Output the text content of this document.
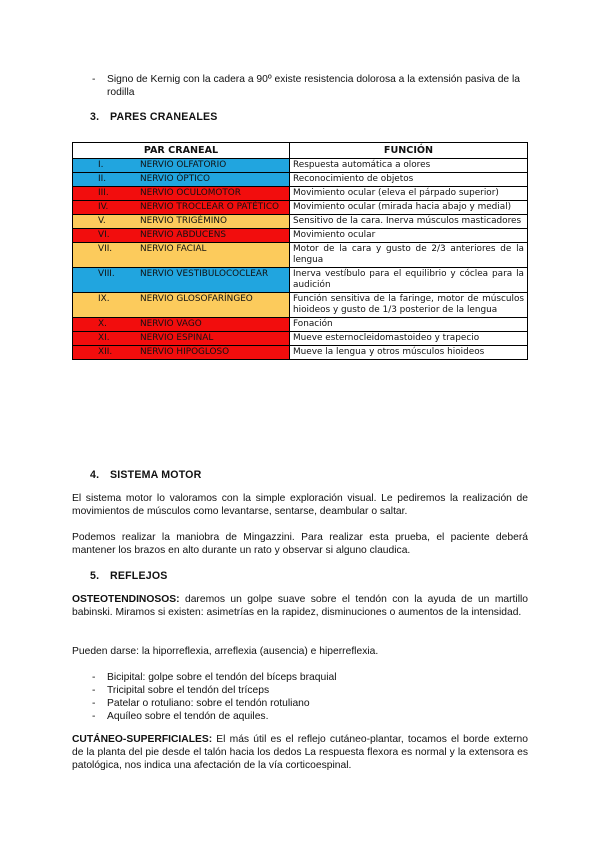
-	Signo de Kernig con la cadera a 90º existe resistencia dolorosa a la extensión pasiva de la rodilla
3. PARES CRANEALES
PAR CRANEAL	FUNCIÓN

I. NERVIO OLFATORIO	Respuesta automática a olores

II. NERVIO ÓPTICO	Reconocimiento de objetos

III. NERVIO OCULOMOTOR	Movimiento ocular (eleva el párpado superior)

IV. NERVIO TROCLEAR O PATÉTICO	Movimiento ocular (mirada hacia abajo y medial)

V. NERVIO TRIGÉMINO	Sensitivo de la cara. Inerva músculos masticadores

VI. NERVIO ABDUCENS	Movimiento ocular

VII. NERVIO FACIAL	Motor de la cara y gusto de 2/3 anteriores de la lengua

VIII. NERVIO VESTIBULOCOCLEAR	Inerva vestíbulo para el equilibrio y cóclea para la audición

IX. NERVIO GLOSOFARÍNGEO	Función sensitiva de la faringe, motor de músculos hioideos y gusto de 1/3 posterior de la lengua

X. NERVIO VAGO	Fonación

XI. NERVIO ESPINAL	Mueve esternocleidomastoideo y trapecio

XII. NERVIO HIPOGLOSO	Mueve la lengua y otros músculos hioideos
4. SISTEMA MOTOR
El sistema motor lo valoramos con la simple exploración visual. Le pediremos la realización de movimientos de músculos como levantarse, sentarse, deambular o saltar.
Podemos realizar la maniobra de Mingazzini. Para realizar esta prueba, el paciente deberá mantener los brazos en alto durante un rato y observar si alguno claudica.
5. REFLEJOS
OSTEOTENDINOSOS: daremos un golpe suave sobre el tendón con la ayuda de un martillo babinski. Miramos si existen: asimetrías en la rapidez, disminuciones o aumentos de la intensidad.
Pueden darse: la hiporreflexia, arreflexia (ausencia) e hiperreflexia.
-	Bicipital: golpe sobre el tendón del bíceps braquial
-	Tricipital sobre el tendón del tríceps
-	Patelar o rotuliano: sobre el tendón rotuliano
-	Aquíleo sobre el tendón de aquiles.
CUTÁNEO-SUPERFICIALES: El más útil es el reflejo cutáneo-plantar, tocamos el borde externo de la planta del pie desde el talón hacia los dedos La respuesta flexora es normal y la extensora es patológica, nos indica una afectación de la vía corticoespinal.
